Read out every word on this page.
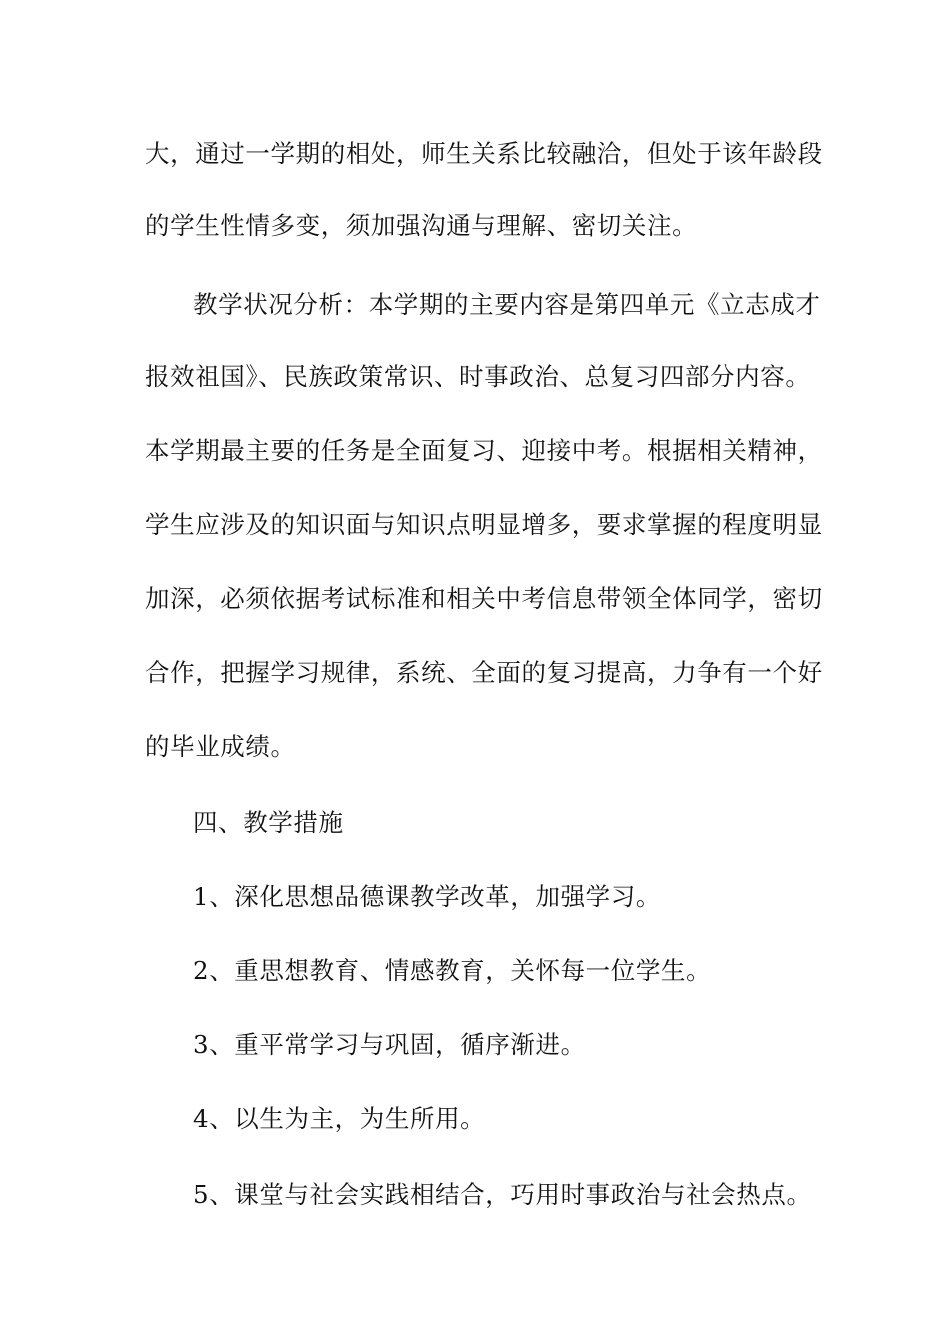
大，通过一学期的相处，师生关系比较融洽，但处于该年龄段
的学生性情多变，须加强沟通与理解、密切关注。
教学状况分析：本学期的主要内容是第四单元《立志成才
报效祖国》、民族政策常识、时事政治、总复习四部分内容。
本学期最主要的任务是全面复习、迎接中考。根据相关精神，
学生应涉及的知识面与知识点明显增多，要求掌握的程度明显
加深，必须依据考试标准和相关中考信息带领全体同学，密切
合作，把握学习规律，系统、全面的复习提高，力争有一个好
的毕业成绩。
四、教学措施
1、深化思想品德课教学改革，加强学习。
2、重思想教育、情感教育，关怀每一位学生。
3、重平常学习与巩固，循序渐进。
4、以生为主，为生所用。
5、课堂与社会实践相结合，巧用时事政治与社会热点。
